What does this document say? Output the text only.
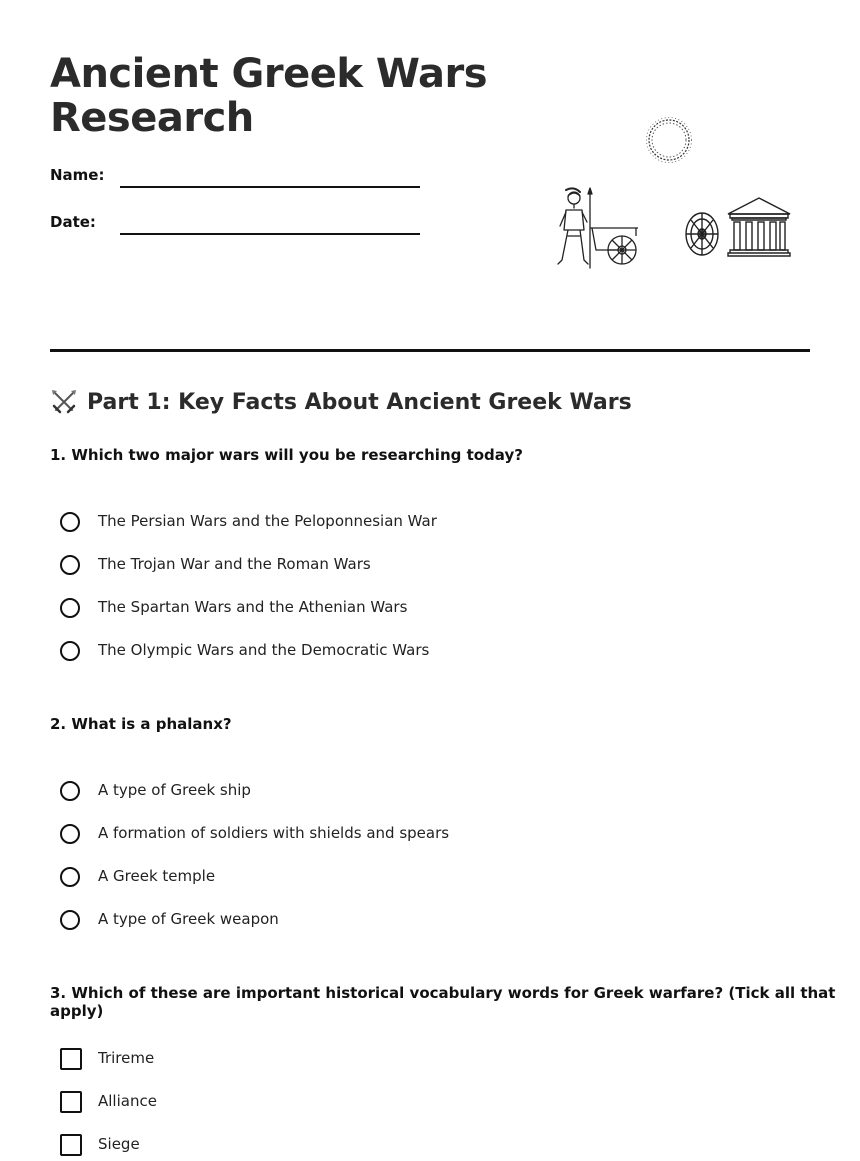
Ancient Greek Wars
Research
Name:
Date:
Part 1: Key Facts About Ancient Greek Wars

1. Which two major wars will you be researching today?

The Persian Wars and the Peloponnesian War
The Trojan War and the Roman Wars
The Spartan Wars and the Athenian Wars
The Olympic Wars and the Democratic Wars

2. What is a phalanx?

A type of Greek ship
A formation of soldiers with shields and spears
A Greek temple
A type of Greek weapon

3. Which of these are important historical vocabulary words for Greek warfare? (Tick all that apply)

Trireme
Alliance
Siege
